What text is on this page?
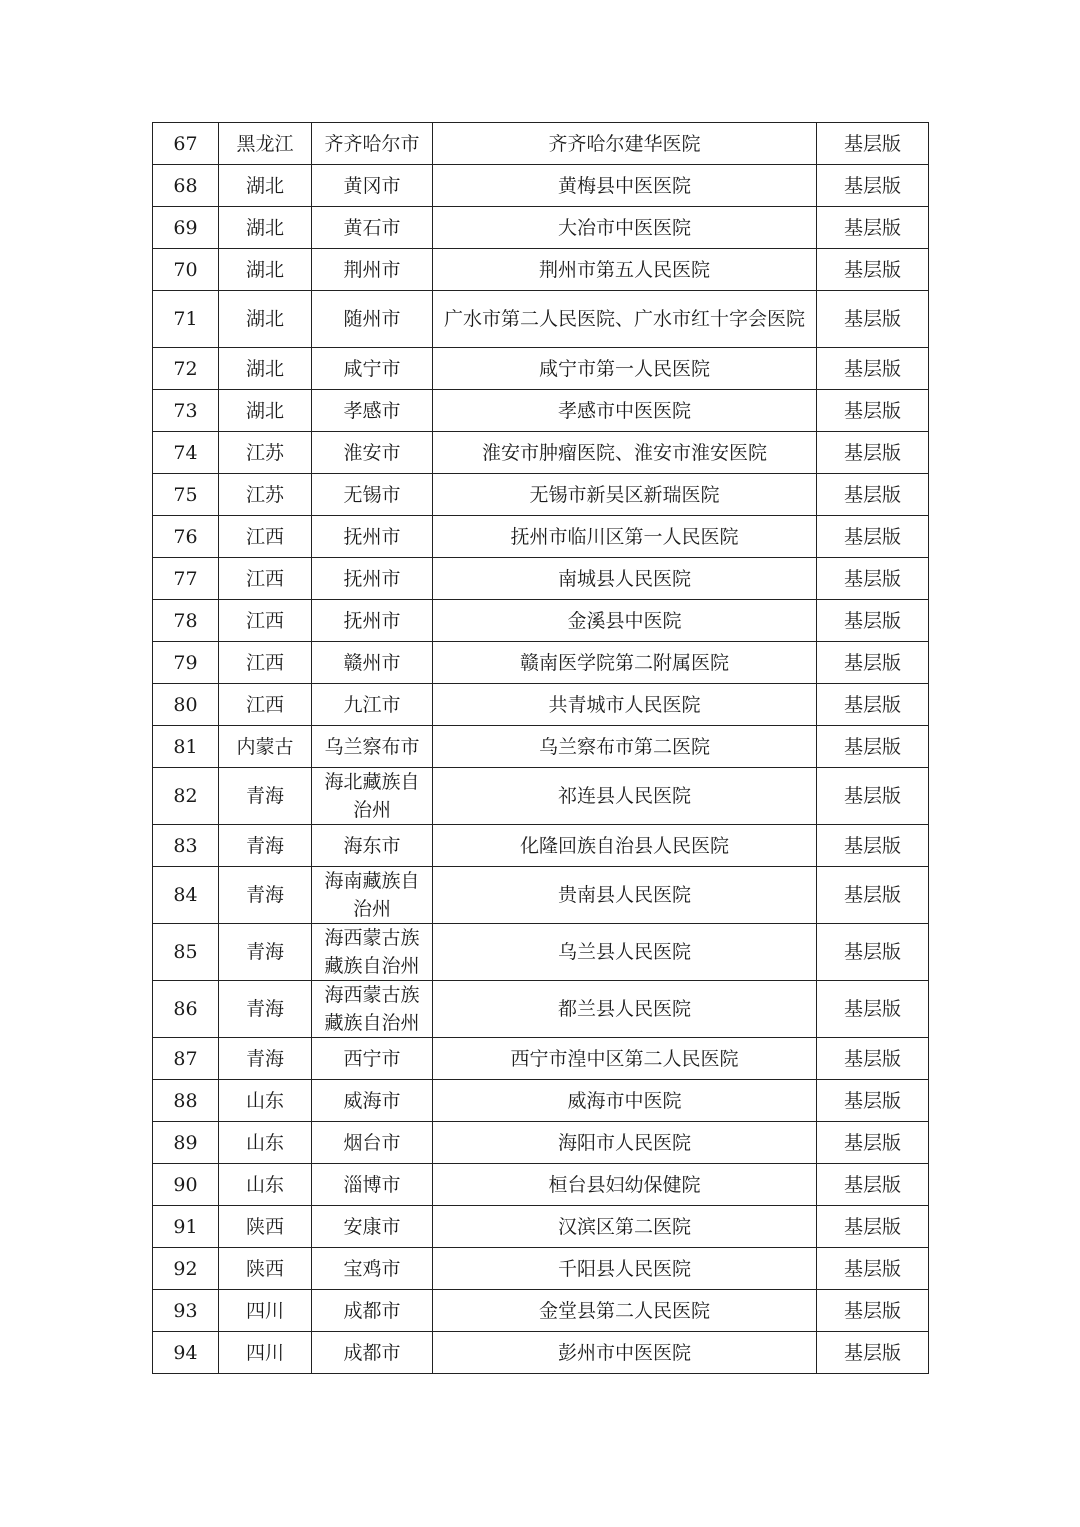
67	黑龙江	齐齐哈尔市	齐齐哈尔建华医院	基层版
68	湖北	黄冈市	黄梅县中医医院	基层版
69	湖北	黄石市	大冶市中医医院	基层版
70	湖北	荆州市	荆州市第五人民医院	基层版
71	湖北	随州市	广水市第二人民医院、广水市红十字会医院	基层版
72	湖北	咸宁市	咸宁市第一人民医院	基层版
73	湖北	孝感市	孝感市中医医院	基层版
74	江苏	淮安市	淮安市肿瘤医院、淮安市淮安医院	基层版
75	江苏	无锡市	无锡市新吴区新瑞医院	基层版
76	江西	抚州市	抚州市临川区第一人民医院	基层版
77	江西	抚州市	南城县人民医院	基层版
78	江西	抚州市	金溪县中医院	基层版
79	江西	赣州市	赣南医学院第二附属医院	基层版
80	江西	九江市	共青城市人民医院	基层版
81	内蒙古	乌兰察布市	乌兰察布市第二医院	基层版
82	青海	海北藏族自治州	祁连县人民医院	基层版
83	青海	海东市	化隆回族自治县人民医院	基层版
84	青海	海南藏族自治州	贵南县人民医院	基层版
85	青海	海西蒙古族藏族自治州	乌兰县人民医院	基层版
86	青海	海西蒙古族藏族自治州	都兰县人民医院	基层版
87	青海	西宁市	西宁市湟中区第二人民医院	基层版
88	山东	威海市	威海市中医院	基层版
89	山东	烟台市	海阳市人民医院	基层版
90	山东	淄博市	桓台县妇幼保健院	基层版
91	陕西	安康市	汉滨区第二医院	基层版
92	陕西	宝鸡市	千阳县人民医院	基层版
93	四川	成都市	金堂县第二人民医院	基层版
94	四川	成都市	彭州市中医医院	基层版
